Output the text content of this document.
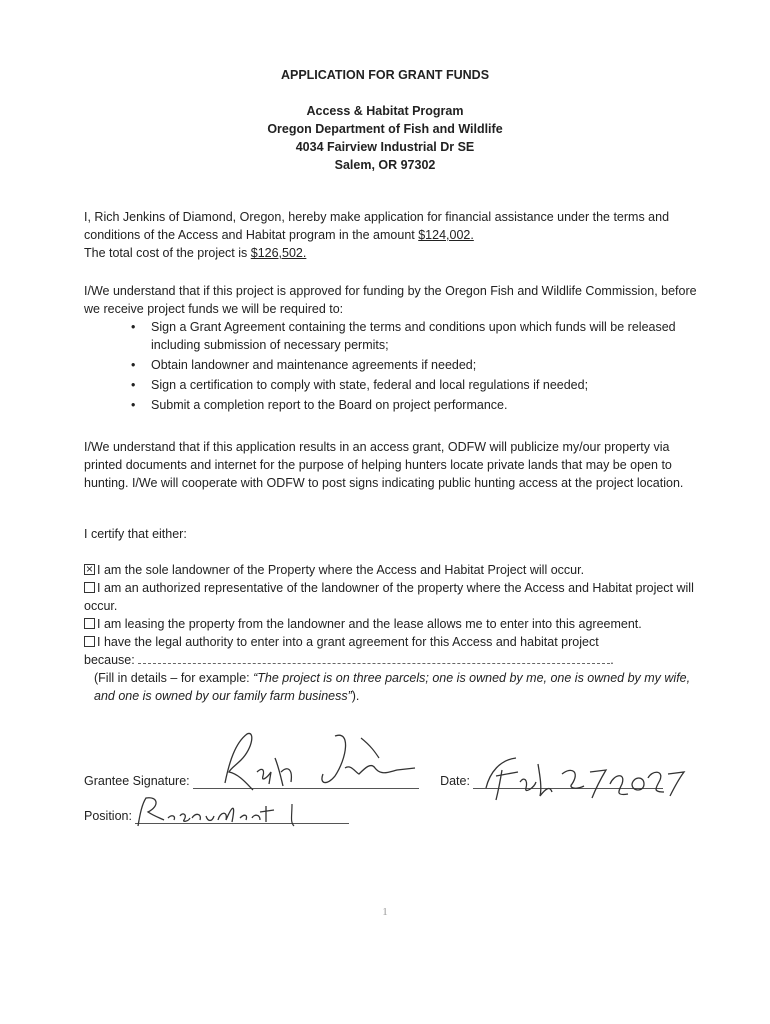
APPLICATION FOR GRANT FUNDS
Access & Habitat Program
Oregon Department of Fish and Wildlife
4034 Fairview Industrial Dr SE
Salem, OR 97302
I, Rich Jenkins of Diamond, Oregon, hereby make application for financial assistance under the terms and conditions of the Access and Habitat program in the amount $124,002.
The total cost of the project is $126,502.
I/We understand that if this project is approved for funding by the Oregon Fish and Wildlife Commission, before we receive project funds we will be required to:
• Sign a Grant Agreement containing the terms and conditions upon which funds will be released including submission of necessary permits;
• Obtain landowner and maintenance agreements if needed;
• Sign a certification to comply with state, federal and local regulations if needed;
• Submit a completion report to the Board on project performance.
I/We understand that if this application results in an access grant, ODFW will publicize my/our property via printed documents and internet for the purpose of helping hunters locate private lands that may be open to hunting. I/We will cooperate with ODFW to post signs indicating public hunting access at the project location.
I certify that either:
×I am the sole landowner of the Property where the Access and Habitat Project will occur.
I am an authorized representative of the landowner of the property where the Access and Habitat project will occur.
I am leasing the property from the landowner and the lease allows me to enter into this agreement.
I have the legal authority to enter into a grant agreement for this Access and habitat project
because:	.
(Fill in details – for example: “The project is on three parcels; one is owned by me, one is owned by my wife, and one is owned by our family farm business”).
Grantee Signature:	Date:
Position:
1
